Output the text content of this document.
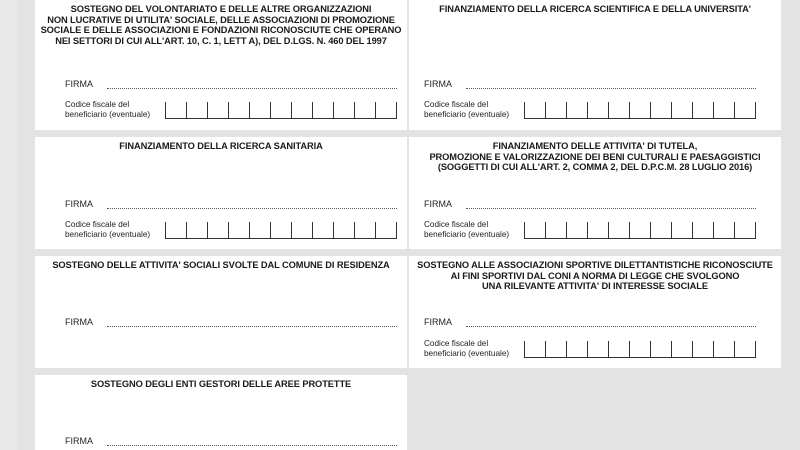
SOSTEGNO DEL VOLONTARIATO E DELLE ALTRE ORGANIZZAZIONI
NON LUCRATIVE DI UTILITA' SOCIALE, DELLE ASSOCIAZIONI DI PROMOZIONE
SOCIALE E DELLE ASSOCIAZIONI E FONDAZIONI RICONOSCIUTE CHE OPERANO
NEI SETTORI DI CUI ALL'ART. 10, C. 1, LETT A), DEL D.LGS. N. 460 DEL 1997
FIRMA
Codice fiscale del
beneficiario (eventuale)
FINANZIAMENTO DELLA RICERCA SCIENTIFICA E DELLA UNIVERSITA'
FIRMA
Codice fiscale del
beneficiario (eventuale)
FINANZIAMENTO DELLA RICERCA SANITARIA
FIRMA
Codice fiscale del
beneficiario (eventuale)
FINANZIAMENTO DELLE ATTIVITA' DI TUTELA,
PROMOZIONE E VALORIZZAZIONE DEI BENI CULTURALI E PAESAGGISTICI
(SOGGETTI DI CUI ALL'ART. 2, COMMA 2, DEL D.P.C.M. 28 LUGLIO 2016)
FIRMA
Codice fiscale del
beneficiario (eventuale)
SOSTEGNO DELLE ATTIVITA' SOCIALI SVOLTE DAL COMUNE DI RESIDENZA
FIRMA
SOSTEGNO ALLE ASSOCIAZIONI SPORTIVE DILETTANTISTICHE RICONOSCIUTE
AI FINI SPORTIVI DAL CONI A NORMA DI LEGGE CHE SVOLGONO
UNA RILEVANTE ATTIVITA' DI INTERESSE SOCIALE
FIRMA
Codice fiscale del
beneficiario (eventuale)
SOSTEGNO DEGLI ENTI GESTORI DELLE AREE PROTETTE
FIRMA
